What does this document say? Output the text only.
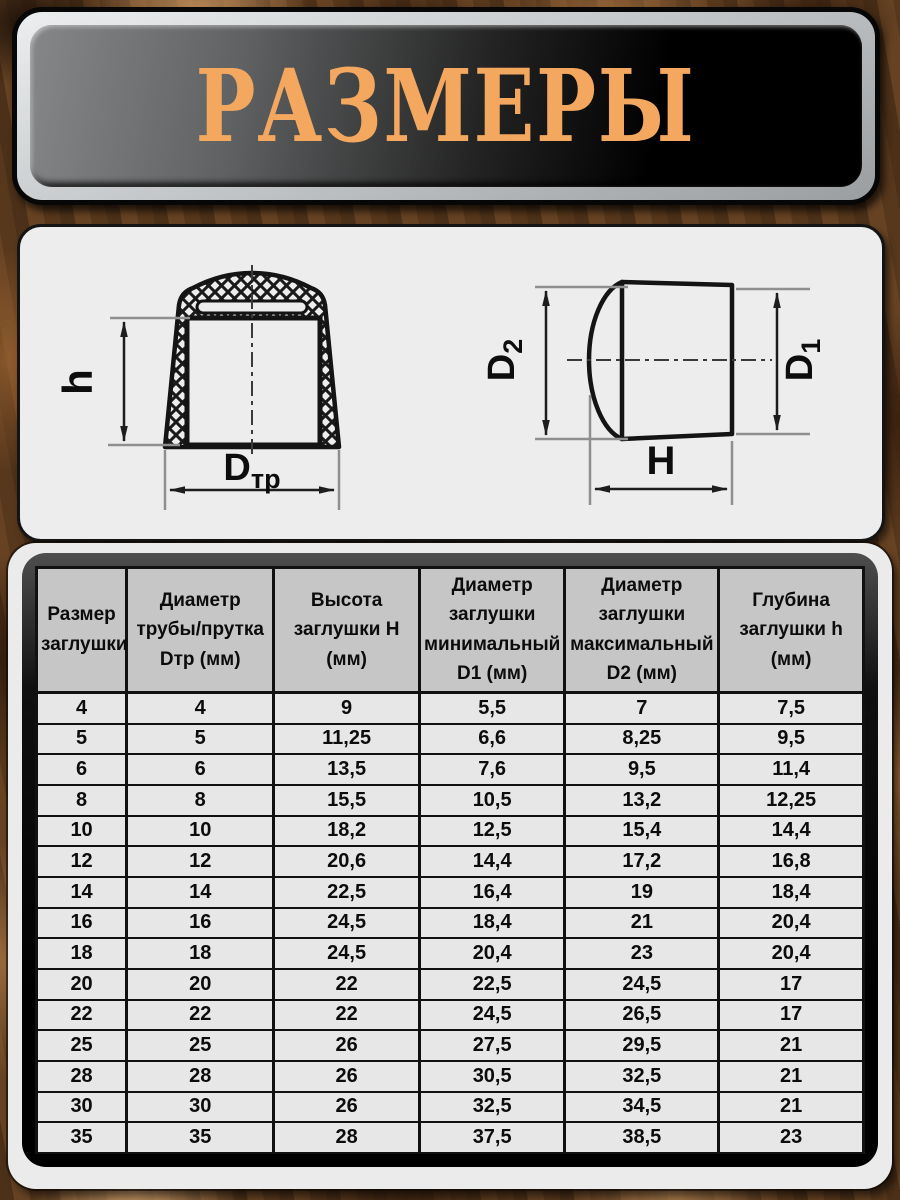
РАЗМЕРЫ
h
Dтр
D2
D1
H
Размер заглушки	Диаметр трубы/прутка Dтр (мм)	Высота заглушки H (мм)	Диаметр заглушки минимальный D1 (мм)	Диаметр заглушки максимальный D2 (мм)	Глубина заглушки h (мм)
4	4	9	5,5	7	7,5
5	5	11,25	6,6	8,25	9,5
6	6	13,5	7,6	9,5	11,4
8	8	15,5	10,5	13,2	12,25
10	10	18,2	12,5	15,4	14,4
12	12	20,6	14,4	17,2	16,8
14	14	22,5	16,4	19	18,4
16	16	24,5	18,4	21	20,4
18	18	24,5	20,4	23	20,4
20	20	22	22,5	24,5	17
22	22	22	24,5	26,5	17
25	25	26	27,5	29,5	21
28	28	26	30,5	32,5	21
30	30	26	32,5	34,5	21
35	35	28	37,5	38,5	23
